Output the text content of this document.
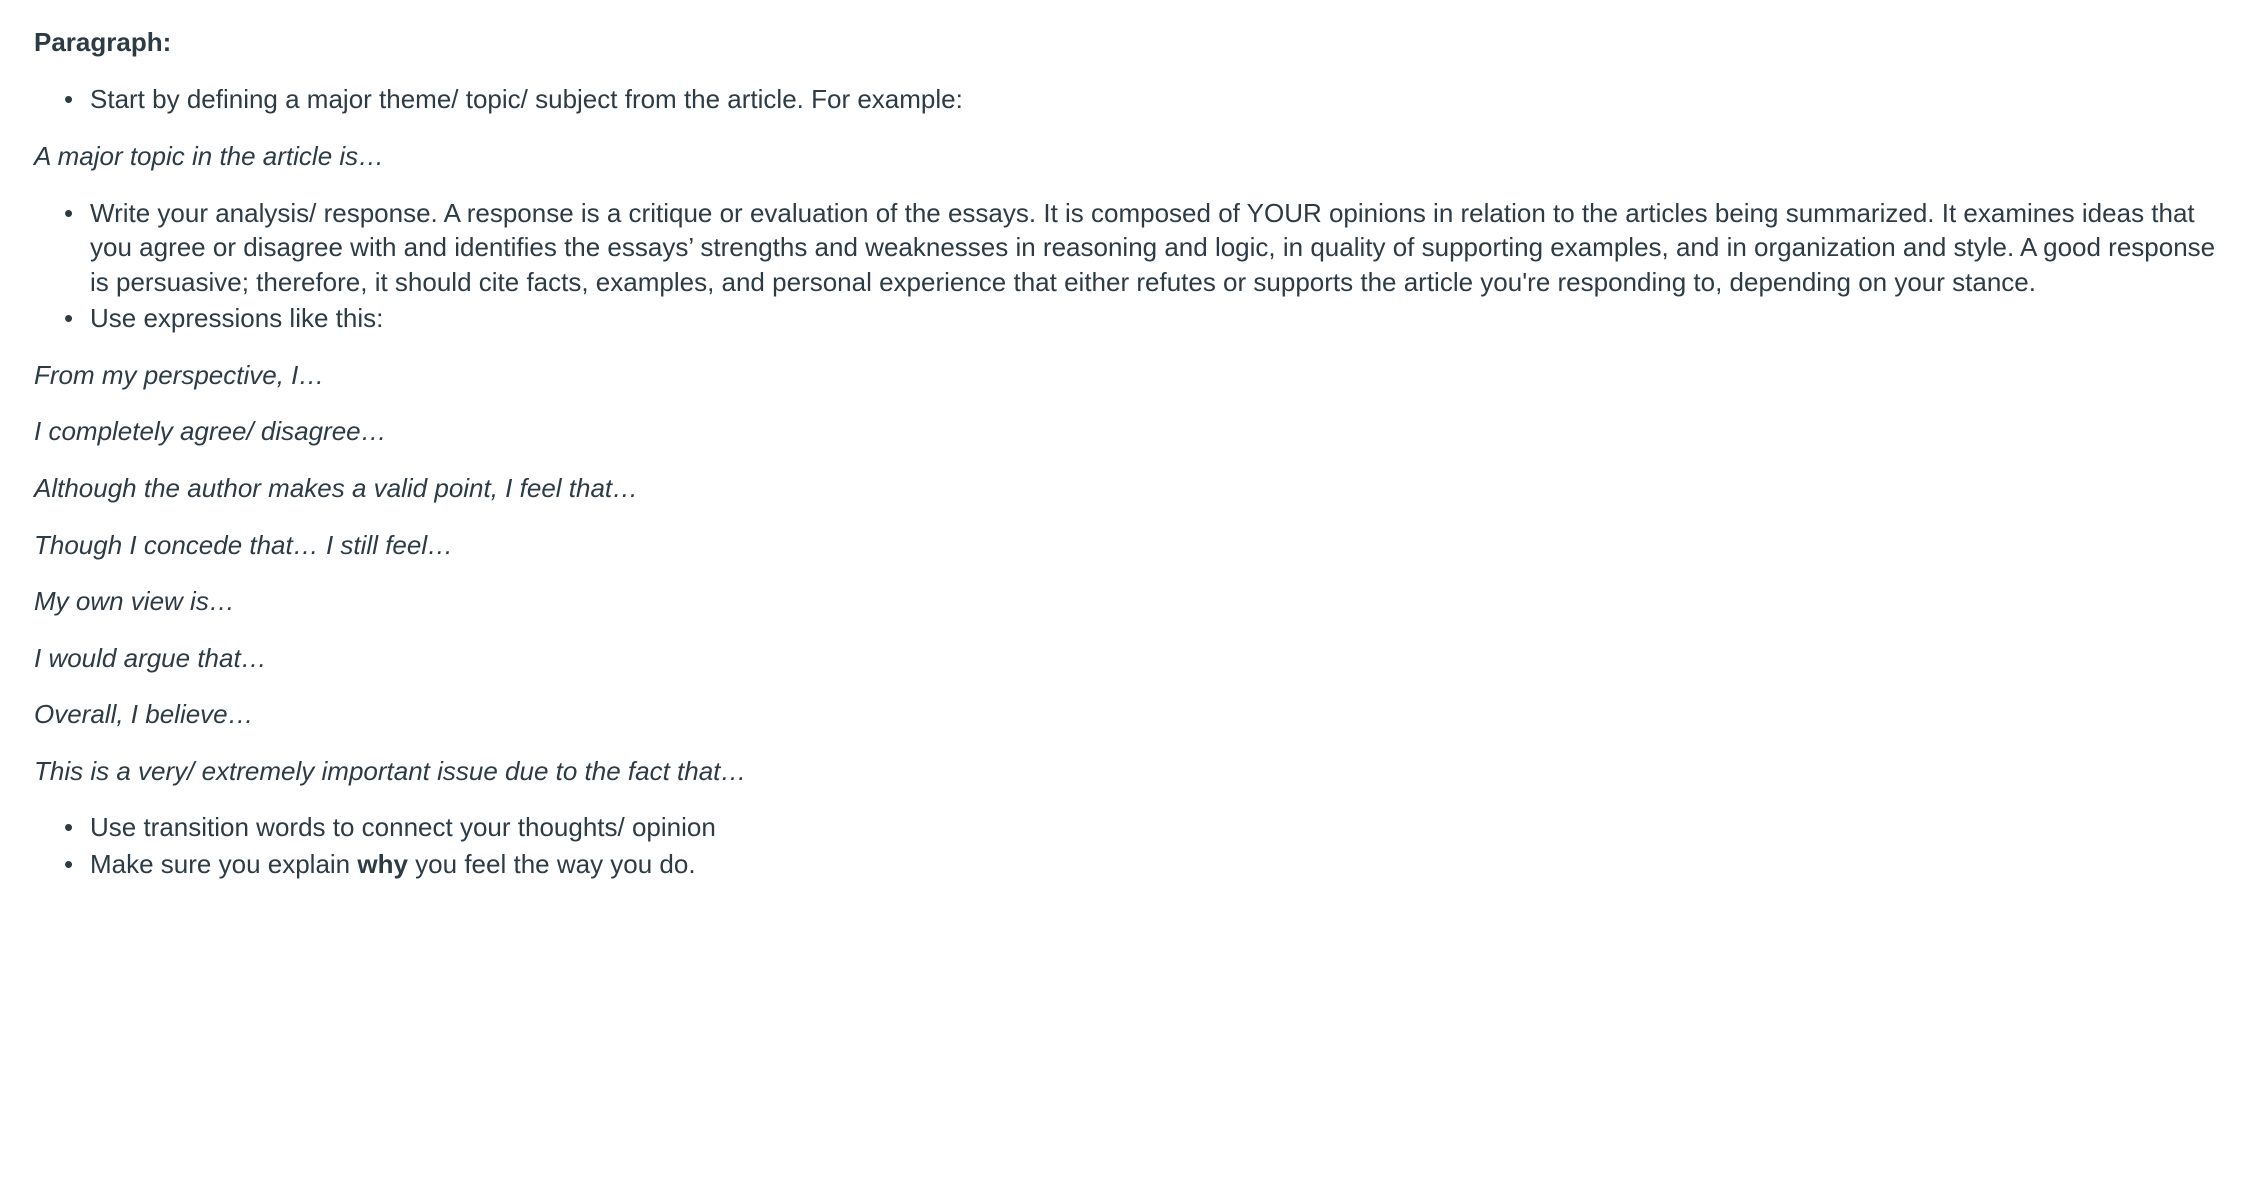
Paragraph:
• Start by defining a major theme/ topic/ subject from the article. For example:
A major topic in the article is…
• Write your analysis/ response. A response is a critique or evaluation of the essays. It is composed of YOUR opinions in relation to the articles being summarized. It examines ideas that you agree or disagree with and identifies the essays’ strengths and weaknesses in reasoning and logic, in quality of supporting examples, and in organization and style. A good response is persuasive; therefore, it should cite facts, examples, and personal experience that either refutes or supports the article you're responding to, depending on your stance.
• Use expressions like this:
From my perspective, I…
I completely agree/ disagree…
Although the author makes a valid point, I feel that…
Though I concede that… I still feel…
My own view is…
I would argue that…
Overall, I believe…
This is a very/ extremely important issue due to the fact that…
• Use transition words to connect your thoughts/ opinion
• Make sure you explain why you feel the way you do.
